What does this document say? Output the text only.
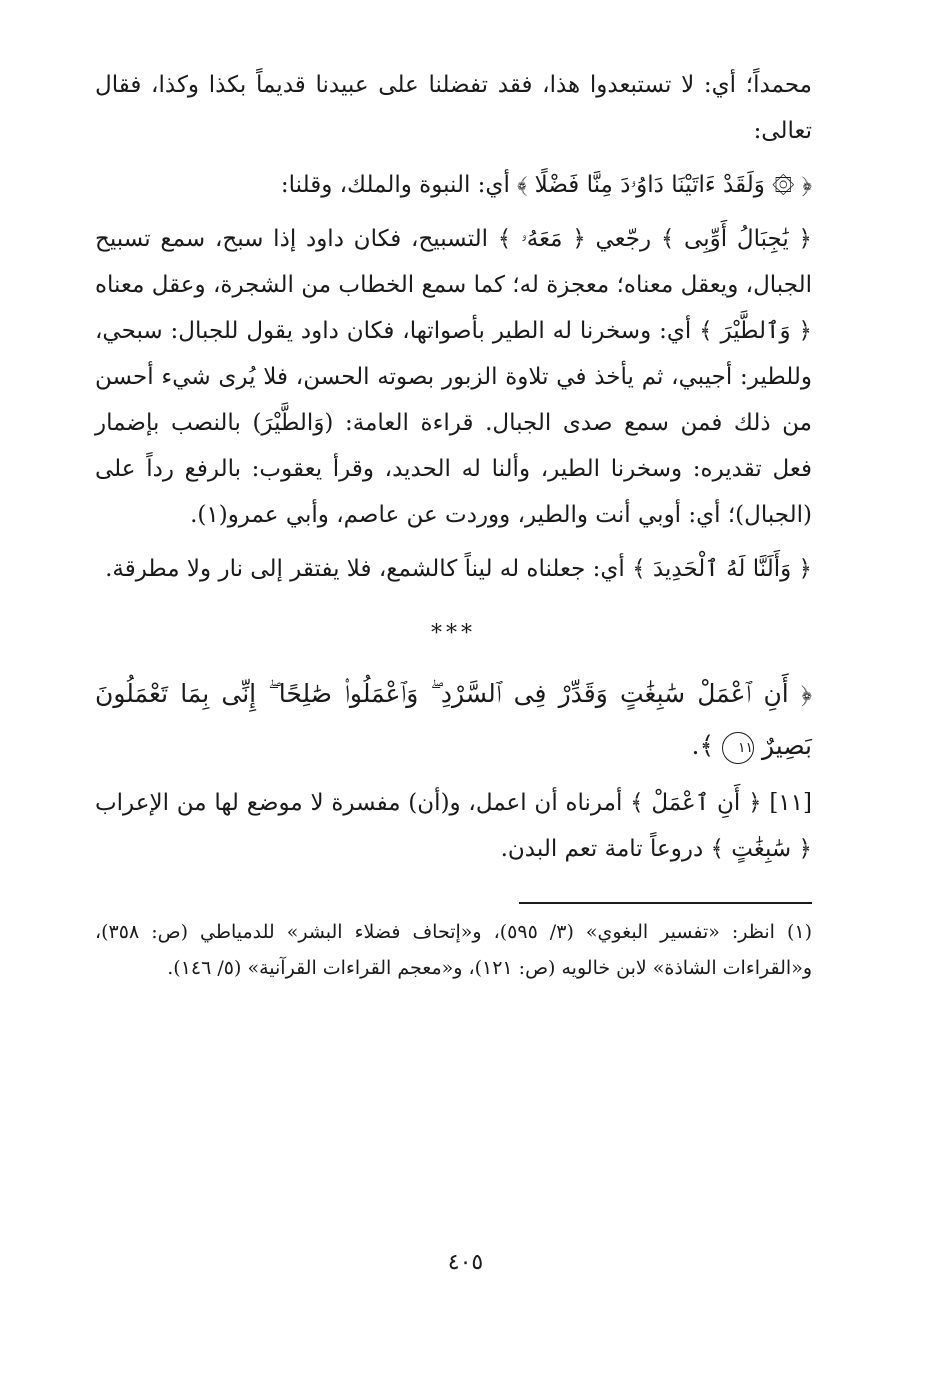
محمداً؛ أي: لا تستبعدوا هذا، فقد تفضلنا على عبيدنا قديماً بكذا وكذا، فقال تعالى:

﴿ ۞ وَلَقَدْ ءَاتَيْنَا دَاوُۥدَ مِنَّا فَضْلًا ﴾ أي: النبوة والملك، وقلنا:

﴿ يَٰجِبَالُ أَوِّبِى ﴾ رجّعي ﴿ مَعَهُۥ ﴾ التسبيح، فكان داود إذا سبح، سمع تسبيح الجبال، ويعقل معناه؛ معجزة له؛ كما سمع الخطاب من الشجرة، وعقل معناه ﴿ وَٱلطَّيْرَ ﴾ أي: وسخرنا له الطير بأصواتها، فكان داود يقول للجبال: سبحي، وللطير: أجيبي، ثم يأخذ في تلاوة الزبور بصوته الحسن، فلا يُرى شيء أحسن من ذلك فمن سمع صدى الجبال. قراءة العامة: (وَالطَّيْرَ) بالنصب بإضمار فعل تقديره: وسخرنا الطير، وألنا له الحديد، وقرأ يعقوب: بالرفع رداً على (الجبال)؛ أي: أوبي أنت والطير، ووردت عن عاصم، وأبي عمرو(١).

﴿ وَأَلَنَّا لَهُ ٱلْحَدِيدَ ﴾ أي: جعلناه له ليناً كالشمع، فلا يفتقر إلى نار ولا مطرقة.

***

﴿ أَنِ ٱعْمَلْ سَٰبِغَٰتٍ وَقَدِّرْ فِى ٱلسَّرْدِ ۖ وَٱعْمَلُوا۟ صَٰلِحًا ۖ إِنِّى بِمَا تَعْمَلُونَ بَصِيرٌ ١١ ﴾.

[١١] ﴿ أَنِ ٱعْمَلْ ﴾ أمرناه أن اعمل، و(أن) مفسرة لا موضع لها من الإعراب ﴿ سَٰبِغَٰتٍ ﴾ دروعاً تامة تعم البدن.

(١) انظر: «تفسير البغوي» (٣/ ٥٩٥)، و«إتحاف فضلاء البشر» للدمياطي (ص: ٣٥٨)، و«القراءات الشاذة» لابن خالويه (ص: ١٢١)، و«معجم القراءات القرآنية» (٥/ ١٤٦).

٤٠٥
